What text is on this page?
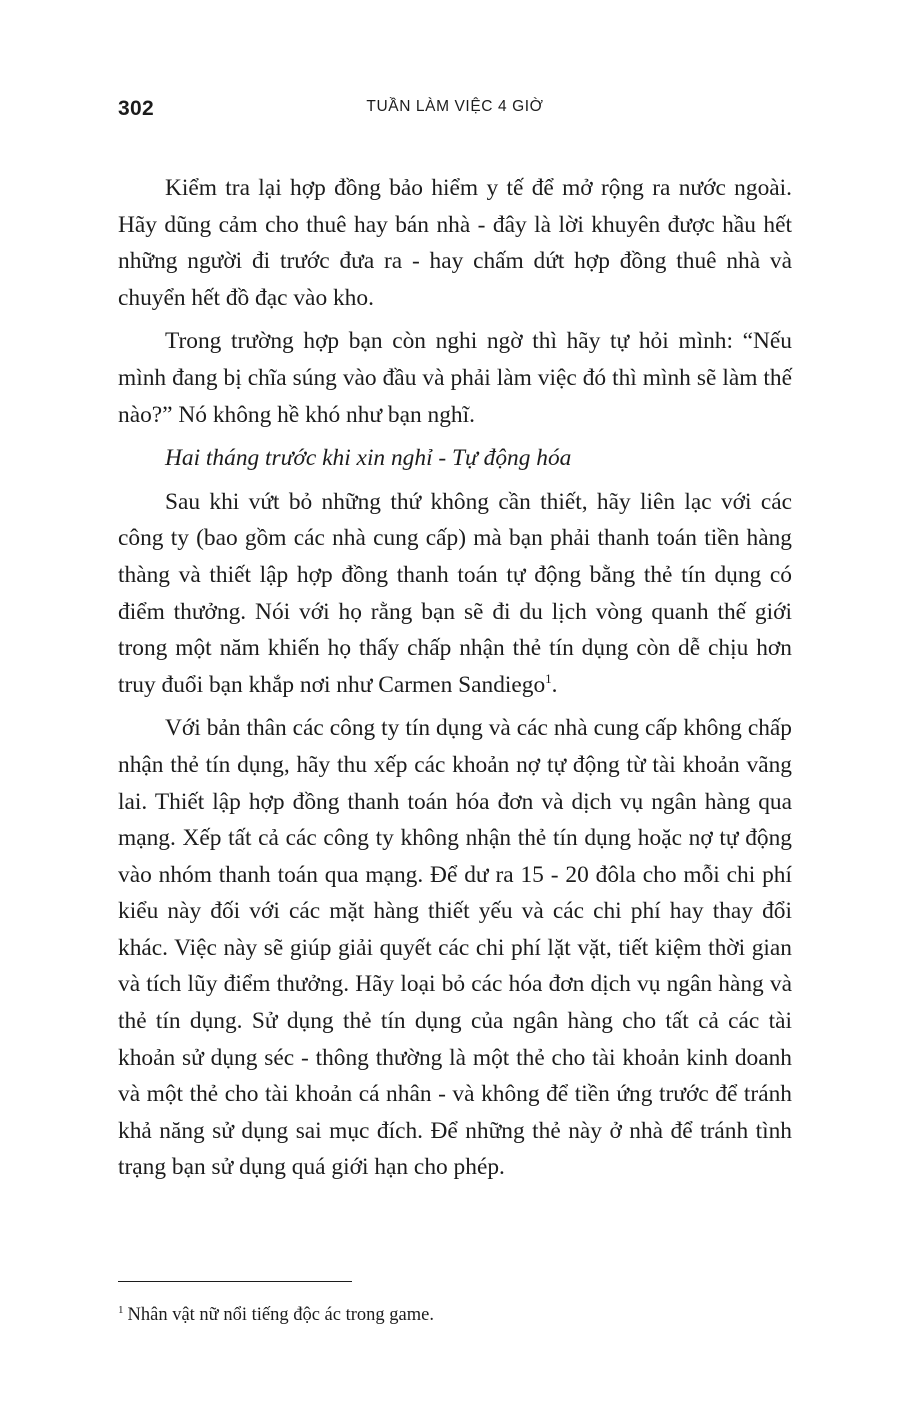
302	TUẦN LÀM VIỆC 4 GIỜ

Kiểm tra lại hợp đồng bảo hiểm y tế để mở rộng ra nước ngoài. Hãy dũng cảm cho thuê hay bán nhà - đây là lời khuyên được hầu hết những người đi trước đưa ra - hay chấm dứt hợp đồng thuê nhà và chuyển hết đồ đạc vào kho.

Trong trường hợp bạn còn nghi ngờ thì hãy tự hỏi mình: “Nếu mình đang bị chĩa súng vào đầu và phải làm việc đó thì mình sẽ làm thế nào?” Nó không hề khó như bạn nghĩ.

Hai tháng trước khi xin nghỉ - Tự động hóa

Sau khi vứt bỏ những thứ không cần thiết, hãy liên lạc với các công ty (bao gồm các nhà cung cấp) mà bạn phải thanh toán tiền hàng thàng và thiết lập hợp đồng thanh toán tự động bằng thẻ tín dụng có điểm thưởng. Nói với họ rằng bạn sẽ đi du lịch vòng quanh thế giới trong một năm khiến họ thấy chấp nhận thẻ tín dụng còn dễ chịu hơn truy đuổi bạn khắp nơi như Carmen Sandiego$^1$.

Với bản thân các công ty tín dụng và các nhà cung cấp không chấp nhận thẻ tín dụng, hãy thu xếp các khoản nợ tự động từ tài khoản vãng lai. Thiết lập hợp đồng thanh toán hóa đơn và dịch vụ ngân hàng qua mạng. Xếp tất cả các công ty không nhận thẻ tín dụng hoặc nợ tự động vào nhóm thanh toán qua mạng. Để dư ra 15 - 20 đôla cho mỗi chi phí kiểu này đối với các mặt hàng thiết yếu và các chi phí hay thay đổi khác. Việc này sẽ giúp giải quyết các chi phí lặt vặt, tiết kiệm thời gian và tích lũy điểm thưởng. Hãy loại bỏ các hóa đơn dịch vụ ngân hàng và thẻ tín dụng. Sử dụng thẻ tín dụng của ngân hàng cho tất cả các tài khoản sử dụng séc - thông thường là một thẻ cho tài khoản kinh doanh và một thẻ cho tài khoản cá nhân - và không để tiền ứng trước để tránh khả năng sử dụng sai mục đích. Để những thẻ này ở nhà để tránh tình trạng bạn sử dụng quá giới hạn cho phép.

$^1$ Nhân vật nữ nổi tiếng độc ác trong game.
